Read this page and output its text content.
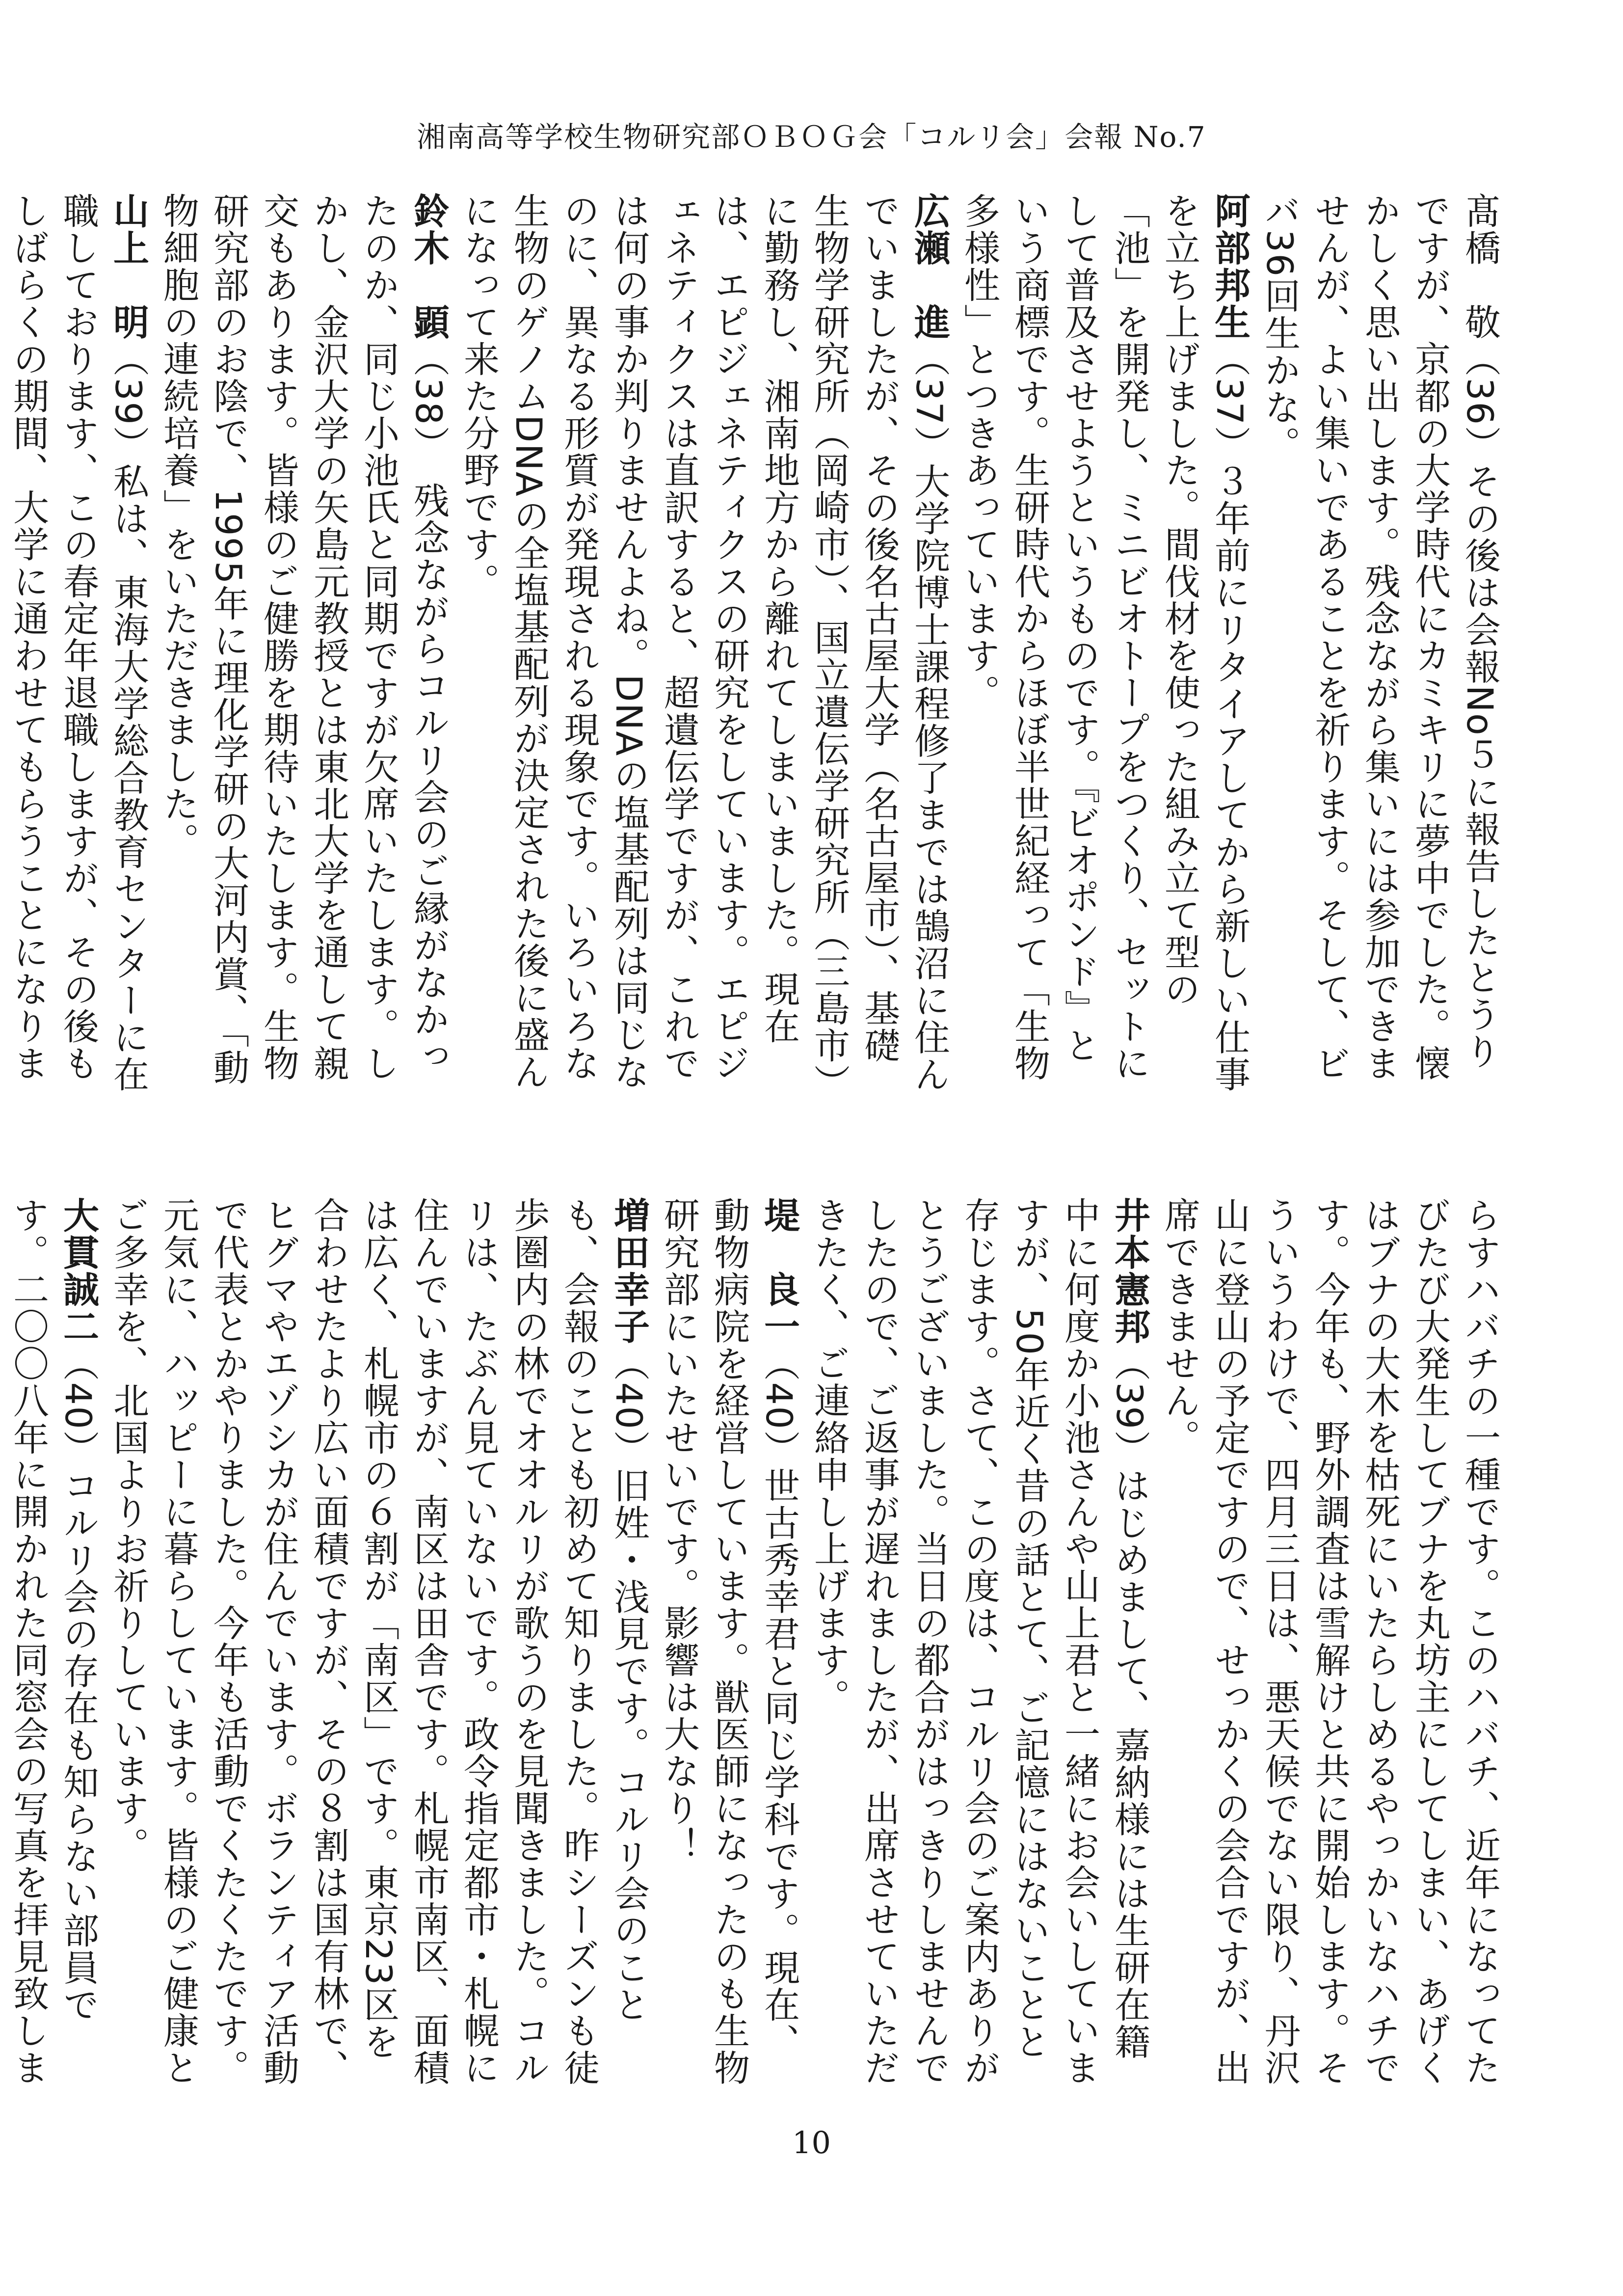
湘南高等学校生物研究部ＯＢＯＧ会「コルリ会」会報 No.7

髙橋　敬（36）その後は会報No５に報告したとうりですが、京都の大学時代にカミキリに夢中でした。懐かしく思い出します。残念ながら集いには参加できませんが、よい集いであることを祈ります。そして、ビバ36回生かな。

阿部邦生（37）３年前にリタイアしてから新しい仕事を立ち上げました。間伐材を使った組み立て型の「池」を開発し、ミニビオトープをつくり、セットにして普及させようというものです。『ビオポンド』という商標です。生研時代からほぼ半世紀経って「生物多様性」とつきあっています。

広瀬　進（37）大学院博士課程修了までは鵠沼に住んでいましたが、その後名古屋大学（名古屋市）、基礎生物学研究所（岡崎市）、国立遺伝学研究所（三島市）に勤務し、湘南地方から離れてしまいました。現在は、エピジェネティクスの研究をしています。エピジェネティクスは直訳すると、超遺伝学ですが、これでは何の事か判りませんよね。DNAの塩基配列は同じなのに、異なる形質が発現される現象です。いろいろな生物のゲノムDNAの全塩基配列が決定された後に盛んになって来た分野です。

鈴木　顕（38）　残念ながらコルリ会のご縁がなかったのか、同じ小池氏と同期ですが欠席いたします。しかし、金沢大学の矢島元教授とは東北大学を通して親交もあります。皆様のご健勝を期待いたします。生物研究部のお陰で、1995年に理化学研の大河内賞、「動物細胞の連続培養」をいただきました。

山上　明（39）私は、東海大学総合教育センターに在職しております、この春定年退職しますが、その後もしばらくの期間、大学に通わせてもらうことになりま

らすハバチの一種です。このハバチ、近年になってたびたび大発生してブナを丸坊主にしてしまい、あげくはブナの大木を枯死にいたらしめるやっかいなハチです。今年も、野外調査は雪解けと共に開始します。そういうわけで、四月三日は、悪天候でない限り、丹沢山に登山の予定ですので、せっかくの会合ですが、出席できません。

井本憲邦（39）はじめまして、嘉納様には生研在籍中に何度か小池さんや山上君と一緒にお会いしていますが、50年近く昔の話とて、ご記憶にはないことと存じます。さて、この度は、コルリ会のご案内ありがとうございました。当日の都合がはっきりしませんでしたので、ご返事が遅れましたが、出席させていただきたく、ご連絡申し上げます。

堤　良一（40）世古秀幸君と同じ学科です。現在、動物病院を経営しています。獣医師になったのも生物研究部にいたせいです。影響は大なり！

増田幸子（40）旧姓・浅見です。コルリ会のことも、会報のことも初めて知りました。昨シーズンも徒歩圏内の林でオオルリが歌うのを見聞きました。コルリは、たぶん見ていないです。政令指定都市・札幌に住んでいますが、南区は田舎です。札幌市南区、面積は広く、札幌市の６割が「南区」です。東京23区を合わせたより広い面積ですが、その８割は国有林で、ヒグマやエゾシカが住んでいます。ボランティア活動で代表とかやりました。今年も活動でくたくたです。元気に、ハッピーに暮らしています。皆様のご健康とご多幸を、北国よりお祈りしています。

大貫誠二（40）コルリ会の存在も知らない部員です。二〇〇八年に開かれた同窓会の写真を拝見致しま

10
